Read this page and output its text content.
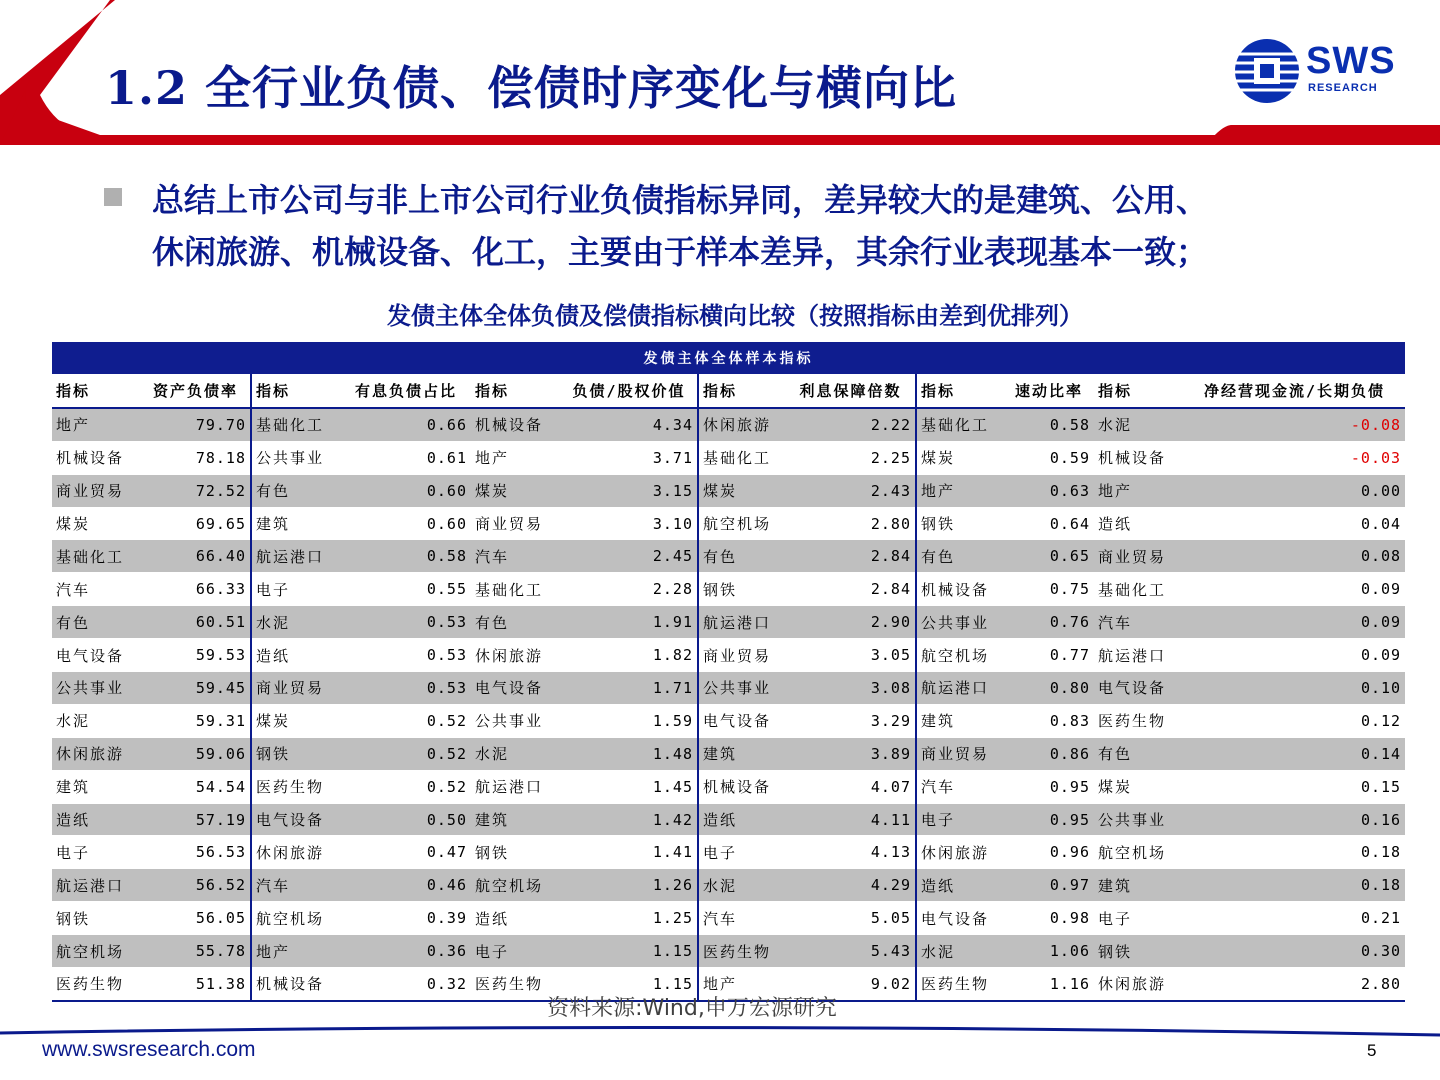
1.2 全行业负债、偿债时序变化与横向比	SWS
RESEARCH
总结上市公司与非上市公司行业负债指标异同，差异较大的是建筑、公用、
休闲旅游、机械设备、化工，主要由于样本差异，其余行业表现基本一致；
发债主体全体负债及偿债指标横向比较（按照指标由差到优排列）
发债主体全体样本指标											
指标	资产负债率	指标	有息负债占比	指标	负债/股权价值	指标	利息保障倍数	指标	速动比率	指标	净经营现金流/长期负债
地产	79.70	基础化工	0.66	机械设备	4.34	休闲旅游	2.22	基础化工	0.58	水泥	-0.08
机械设备	78.18	公共事业	0.61	地产	3.71	基础化工	2.25	煤炭	0.59	机械设备	-0.03
商业贸易	72.52	有色	0.60	煤炭	3.15	煤炭	2.43	地产	0.63	地产	0.00
煤炭	69.65	建筑	0.60	商业贸易	3.10	航空机场	2.80	钢铁	0.64	造纸	0.04
基础化工	66.40	航运港口	0.58	汽车	2.45	有色	2.84	有色	0.65	商业贸易	0.08
汽车	66.33	电子	0.55	基础化工	2.28	钢铁	2.84	机械设备	0.75	基础化工	0.09
有色	60.51	水泥	0.53	有色	1.91	航运港口	2.90	公共事业	0.76	汽车	0.09
电气设备	59.53	造纸	0.53	休闲旅游	1.82	商业贸易	3.05	航空机场	0.77	航运港口	0.09
公共事业	59.45	商业贸易	0.53	电气设备	1.71	公共事业	3.08	航运港口	0.80	电气设备	0.10
水泥	59.31	煤炭	0.52	公共事业	1.59	电气设备	3.29	建筑	0.83	医药生物	0.12
休闲旅游	59.06	钢铁	0.52	水泥	1.48	建筑	3.89	商业贸易	0.86	有色	0.14
建筑	54.54	医药生物	0.52	航运港口	1.45	机械设备	4.07	汽车	0.95	煤炭	0.15
造纸	57.19	电气设备	0.50	建筑	1.42	造纸	4.11	电子	0.95	公共事业	0.16
电子	56.53	休闲旅游	0.47	钢铁	1.41	电子	4.13	休闲旅游	0.96	航空机场	0.18
航运港口	56.52	汽车	0.46	航空机场	1.26	水泥	4.29	造纸	0.97	建筑	0.18
钢铁	56.05	航空机场	0.39	造纸	1.25	汽车	5.05	电气设备	0.98	电子	0.21
航空机场	55.78	地产	0.36	电子	1.15	医药生物	5.43	水泥	1.06	钢铁	0.30
医药生物	51.38	机械设备	0.32	医药生物	1.15	地产	9.02	医药生物	1.16	休闲旅游	2.80
资料来源:Wind,申万宏源研究
www.swsresearch.com	5
